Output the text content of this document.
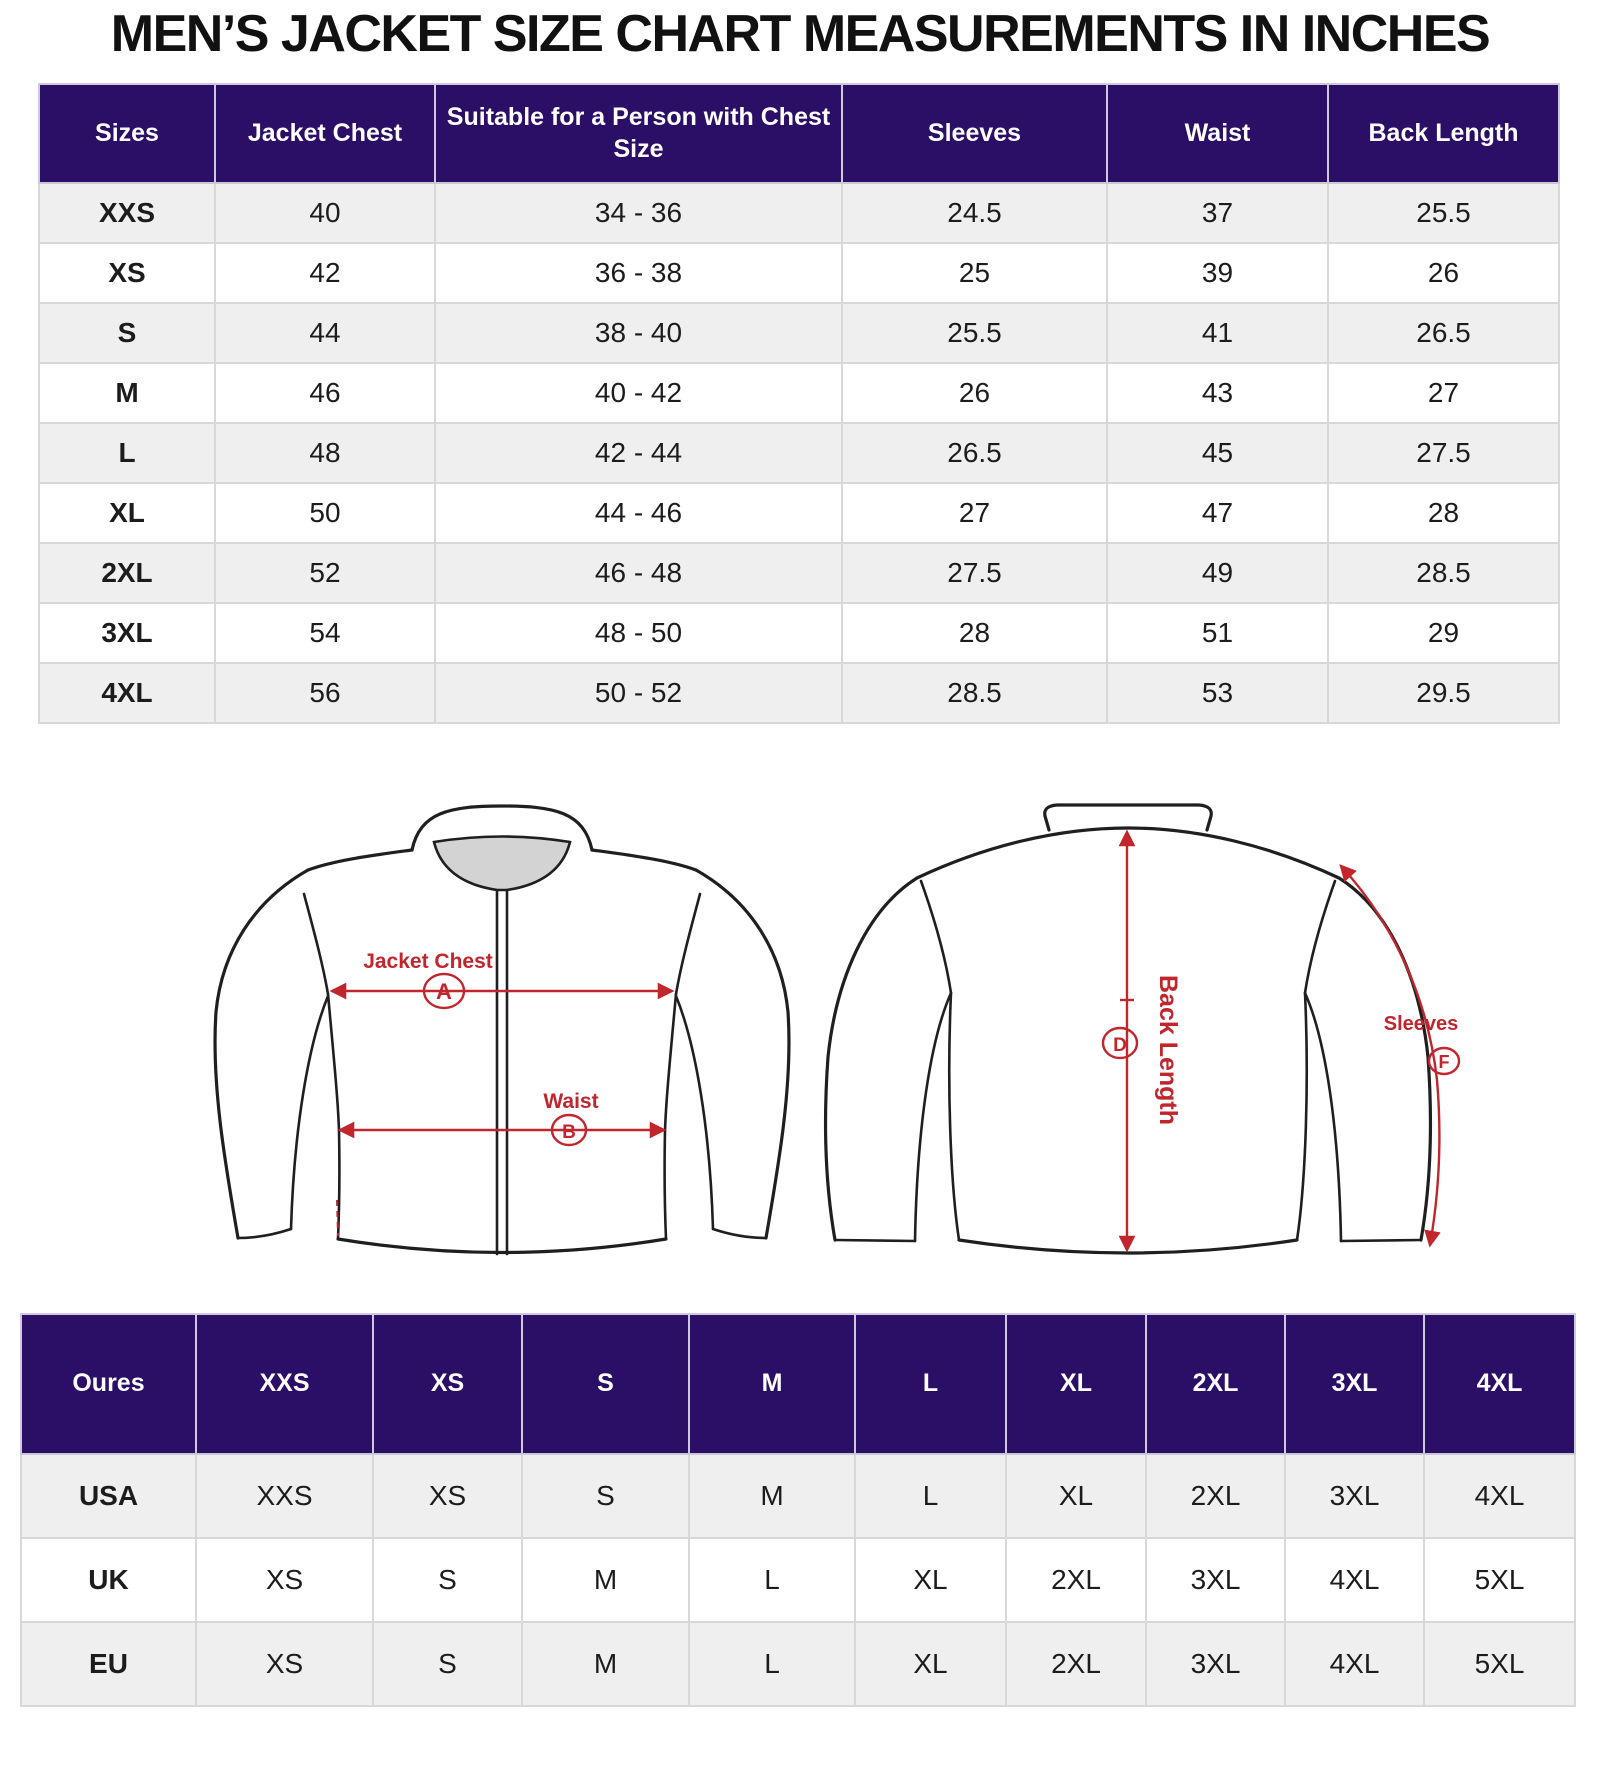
MEN’S JACKET SIZE CHART MEASUREMENTS IN INCHES
Sizes	Jacket Chest	Suitable for a Person with Chest Size	Sleeves	Waist	Back Length
XXS	40	34 - 36	24.5	37	25.5
XS	42	36 - 38	25	39	26
S	44	38 - 40	25.5	41	26.5
M	46	40 - 42	26	43	27
L	48	42 - 44	26.5	45	27.5
XL	50	44 - 46	27	47	28
2XL	52	46 - 48	27.5	49	28.5
3XL	54	48 - 50	28	51	29
4XL	56	50 - 52	28.5	53	29.5
Jacket Chest
A
Waist
B
Back Length
D
Sleeves
F
Oures	XXS	XS	S	M	L	XL	2XL	3XL	4XL
USA	XXS	XS	S	M	L	XL	2XL	3XL	4XL
UK	XS	S	M	L	XL	2XL	3XL	4XL	5XL
EU	XS	S	M	L	XL	2XL	3XL	4XL	5XL
